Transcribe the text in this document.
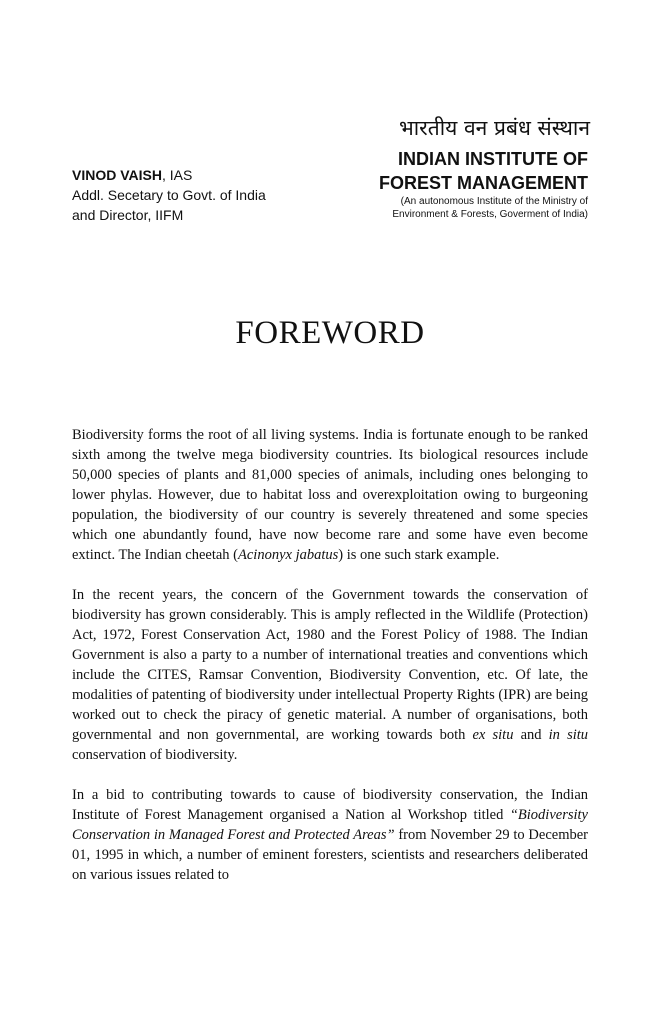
भारतीय वन प्रबंध संस्थान
INDIAN INSTITUTE OF
FOREST MANAGEMENT
(An autonomous Institute of the Ministry of
Environment & Forests, Goverment of India)
VINOD VAISH, IAS
Addl. Secetary to Govt. of India
and Director, IIFM
FOREWORD

Biodiversity forms the root of all living systems. India is fortunate enough to be ranked sixth among the twelve mega biodiversity countries. Its biological resources include 50,000 species of plants and 81,000 species of animals, including ones belonging to lower phylas. However, due to habitat loss and overexploitation owing to burgeoning population, the biodiversity of our country is severely threatened and some species which one abundantly found, have now become rare and some have even become extinct. The Indian cheetah (Acinonyx jabatus) is one such stark example.

In the recent years, the concern of the Government towards the conservation of biodiversity has grown considerably. This is amply reflected in the Wildlife (Protection) Act, 1972, Forest Conservation Act, 1980 and the Forest Policy of 1988. The Indian Government is also a party to a number of international treaties and conventions which include the CITES, Ramsar Convention, Biodiversity Convention, etc. Of late, the modalities of patenting of biodiversity under intellectual Property Rights (IPR) are being worked out to check the piracy of genetic material. A number of organisations, both governmental and non governmental, are working towards both ex situ and in situ conservation of biodiversity.

In a bid to contributing towards to cause of biodiversity conservation, the Indian Institute of Forest Management organised a Nation al Workshop titled “Biodiversity Conservation in Managed Forest and Protected Areas” from November 29 to December 01, 1995 in which, a number of eminent foresters, scientists and researchers deliberated on various issues related to
